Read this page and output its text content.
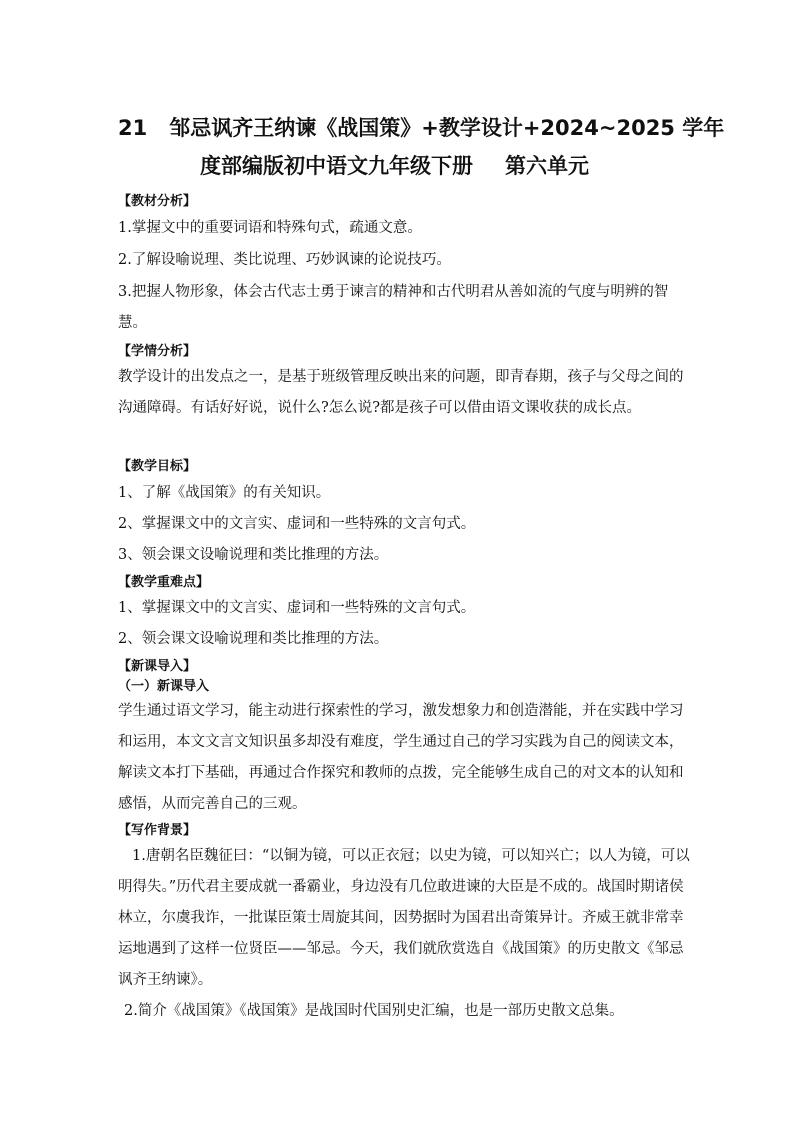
21 邹忌讽齐王纳谏《战国策》+教学设计+2024~2025 学年
度部编版初中语文九年级下册 第六单元
【教材分析】

1.掌握文中的重要词语和特殊句式，疏通文意。

2.了解设喻说理、类比说理、巧妙讽谏的论说技巧。

3.把握人物形象，体会古代志士勇于谏言的精神和古代明君从善如流的气度与明辨的智慧。

【学情分析】

教学设计的出发点之一，是基于班级管理反映出来的问题，即青春期，孩子与父母之间的沟通障碍。有话好好说，说什么?怎么说?都是孩子可以借由语文课收获的成长点。

【教学目标】

1、了解《战国策》的有关知识。

2、掌握课文中的文言实、虚词和一些特殊的文言句式。

3、领会课文设喻说理和类比推理的方法。

【教学重难点】

1、掌握课文中的文言实、虚词和一些特殊的文言句式。

2、领会课文设喻说理和类比推理的方法。

【新课导入】
（一）新课导入

学生通过语文学习，能主动进行探索性的学习，激发想象力和创造潜能，并在实践中学习和运用，本文文言文知识虽多却没有难度，学生通过自己的学习实践为自己的阅读文本，解读文本打下基础，再通过合作探究和教师的点拨，完全能够生成自己的对文本的认知和感悟，从而完善自己的三观。

【写作背景】

1.唐朝名臣魏征曰：“以铜为镜，可以正衣冠；以史为镜，可以知兴亡；以人为镜，可以明得失。”历代君主要成就一番霸业，身边没有几位敢进谏的大臣是不成的。战国时期诸侯林立，尔虞我诈，一批谋臣策士周旋其间，因势据时为国君出奇策异计。齐威王就非常幸运地遇到了这样一位贤臣——邹忌。今天，我们就欣赏选自《战国策》的历史散文《邹忌讽齐王纳谏》。

2.简介《战国策》《战国策》是战国时代国别史汇编，也是一部历史散文总集。
